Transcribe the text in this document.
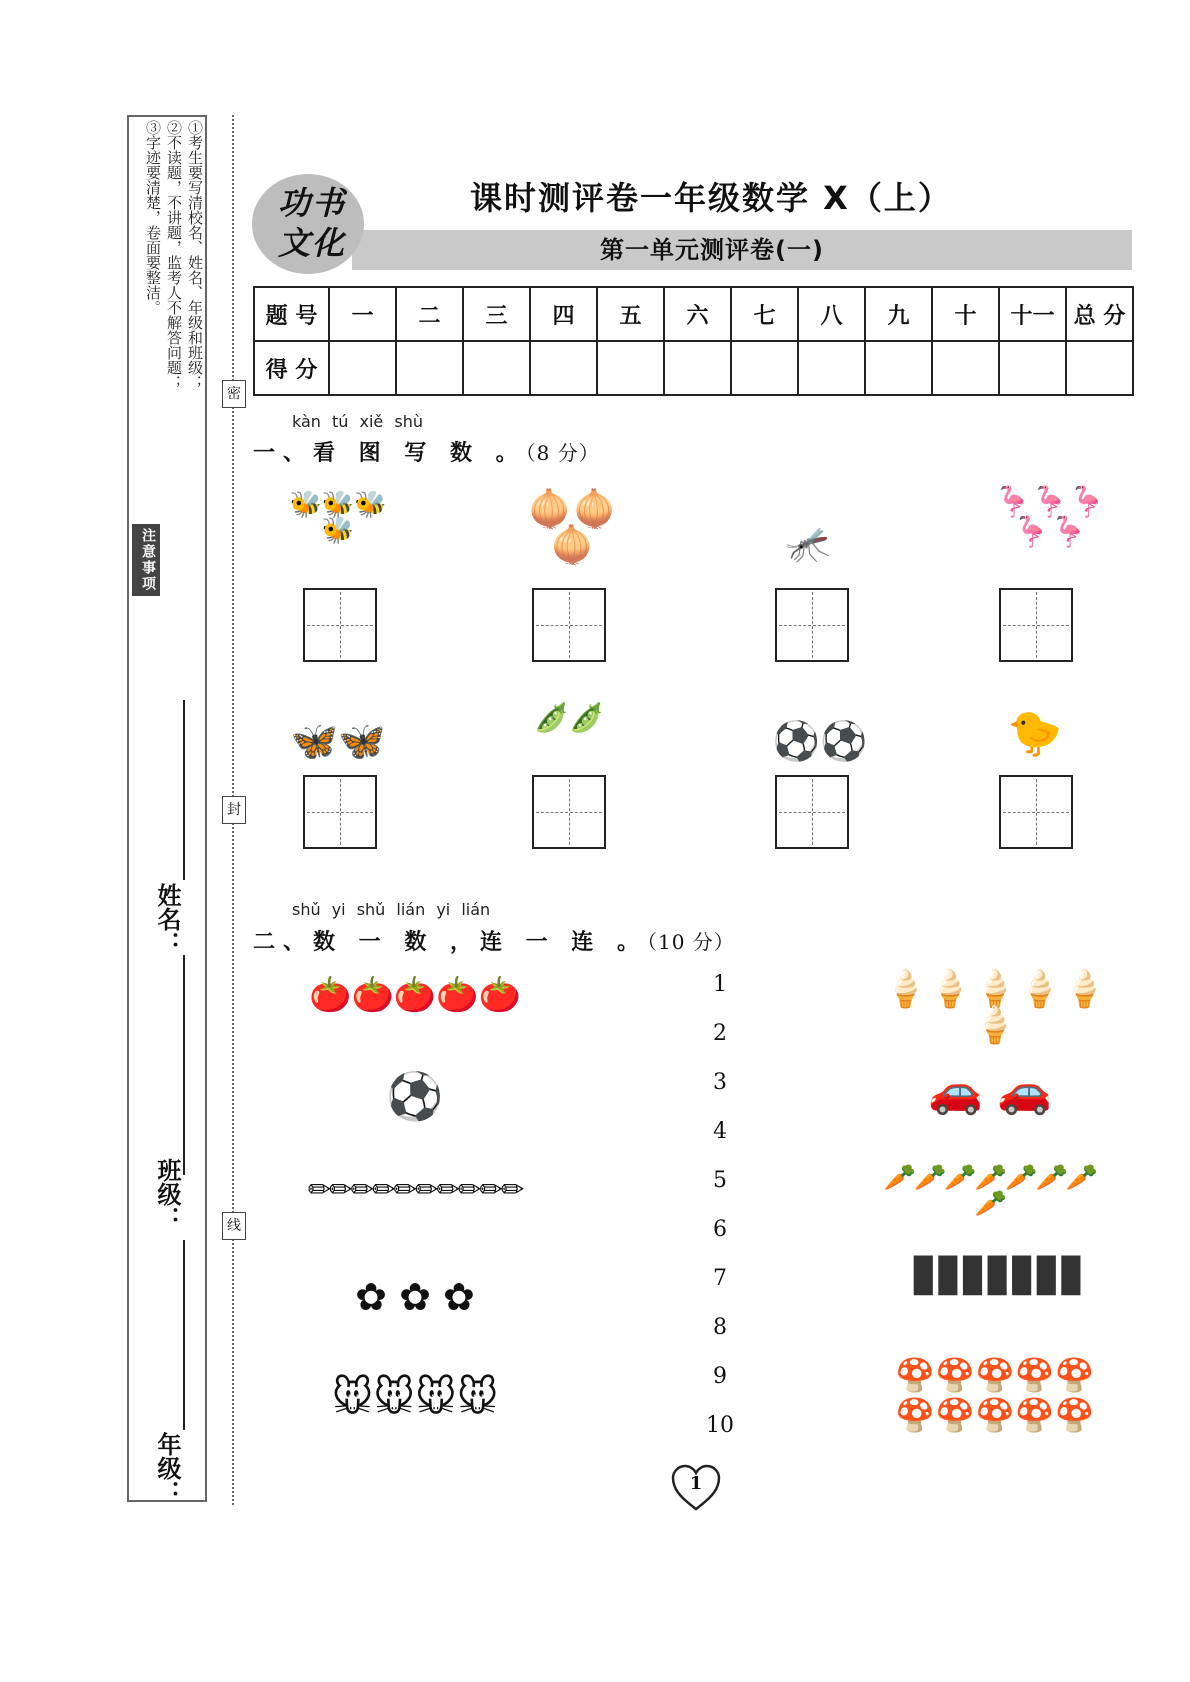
①考生要写清校名、姓名、年级和班级；
②不读题，不讲题，监考人不解答问题；
③字迹要清楚，卷面要整洁。
注意事项
姓名：
班级：
年级：
密
封
线
功书
文化
课时测评卷一年级数学 X（上）
第一单元测评卷(一)
题 号	一	二	三	四	五	六	七	八	九	十	十一	总 分
得 分												
kàn tú xiě shù
一、看 图 写 数 。（8 分）
🐝🐝🐝🐝
🧅🧅🧅	🦟
🦩🦩🦩🦩🦩
🦋🦋
🫛🫛
⚽⚽	🐤
shǔ yi shǔ lián yi lián
二、数 一 数 ，连 一 连 。（10 分）
🍅🍅🍅🍅🍅
⚽
✏✏✏✏✏✏✏✏✏✏
✿ ✿ ✿
🐭🐭🐭🐭
1
2
3
4
5
6
7
8
9
10
🍦🍦🍦🍦🍦🍦
🚗 🚗
🥕🥕🥕🥕🥕🥕🥕🥕
▮▮▮▮▮▮▮
🍄🍄🍄🍄🍄 🍄🍄🍄🍄🍄
1
